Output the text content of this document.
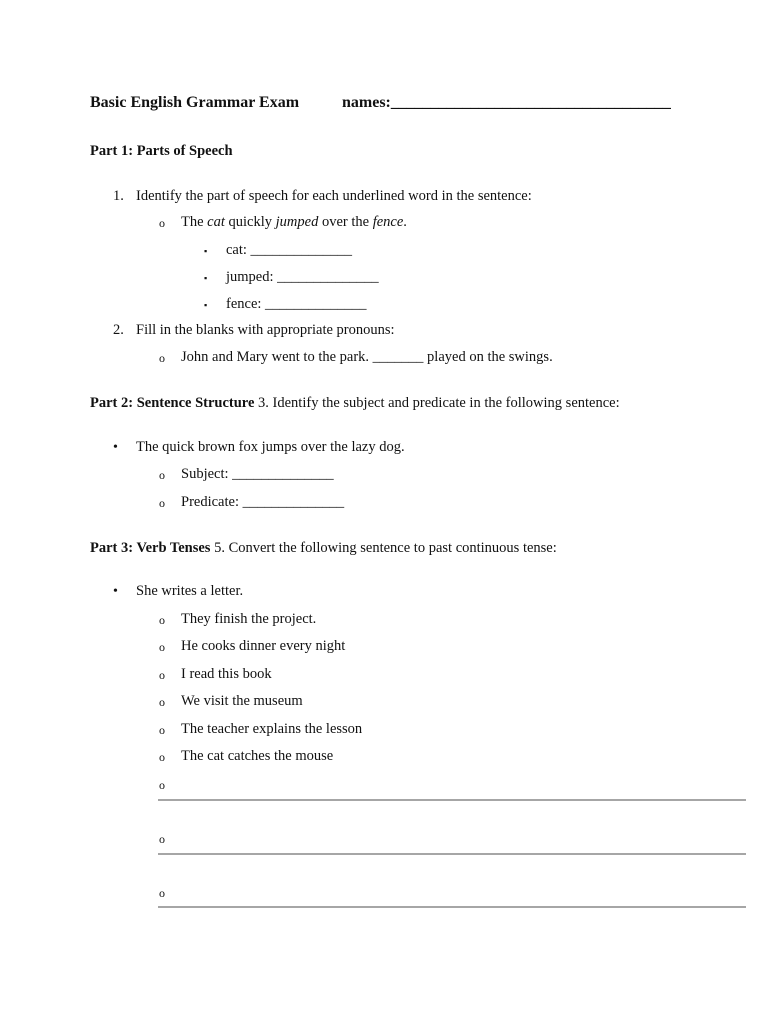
Basic English Grammar Exam	names:___________________________________
Part 1: Parts of Speech
1. Identify the part of speech for each underlined word in the sentence:
o The cat quickly jumped over the fence.
▪ cat: ______________
▪ jumped: ______________
▪ fence: ______________
2. Fill in the blanks with appropriate pronouns:
o John and Mary went to the park. _______ played on the swings.
Part 2: Sentence Structure 3. Identify the subject and predicate in the following sentence:
• The quick brown fox jumps over the lazy dog.
o Subject: ______________
o Predicate: ______________
Part 3: Verb Tenses 5. Convert the following sentence to past continuous tense:
• She writes a letter.
o They finish the project.
o He cooks dinner every night
o I read this book
o We visit the museum
o The teacher explains the lesson
o The cat catches the mouse
o
o
o
